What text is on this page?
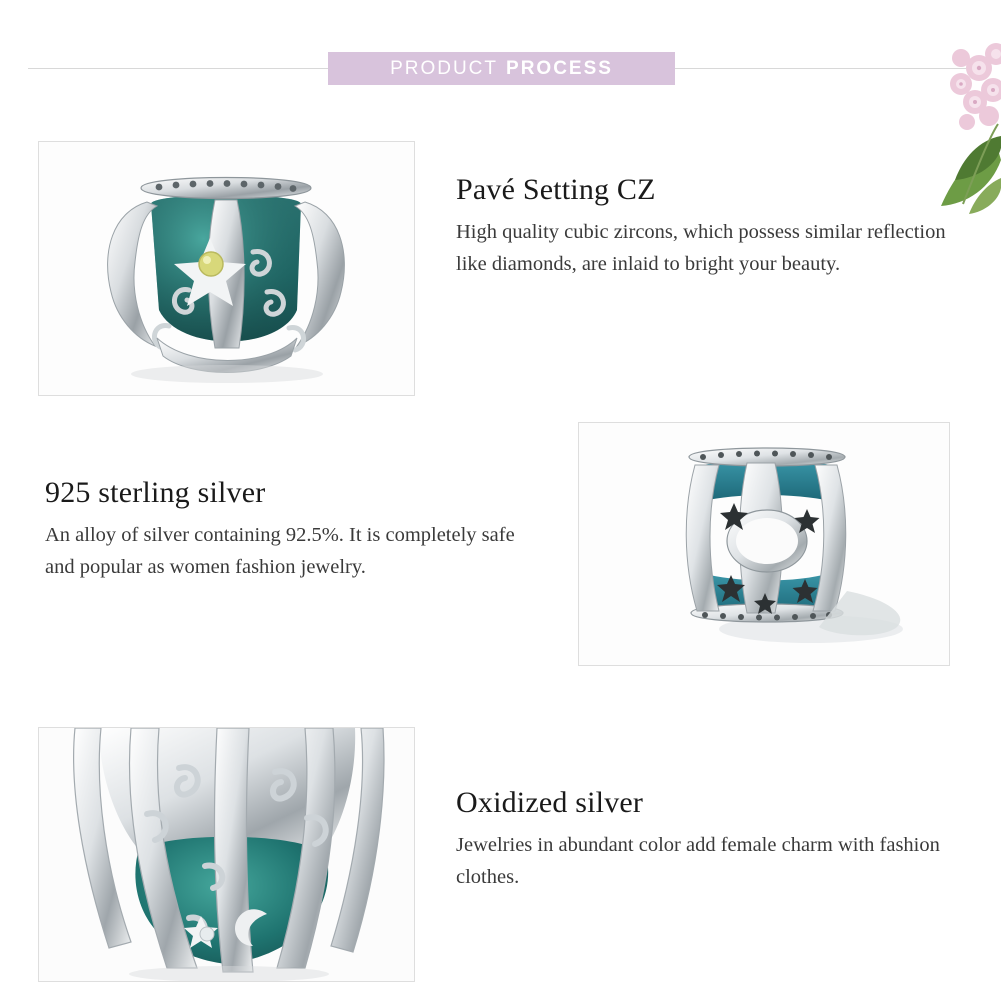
PRODUCT PROCESS
Pavé Setting CZ

High quality cubic zircons, which possess similar reflection like diamonds, are inlaid to bright your beauty.

925 sterling silver

An alloy of silver containing 92.5%. It is completely safe and popular as women fashion jewelry.

Oxidized silver

Jewelries in abundant color add female charm with fashion clothes.
